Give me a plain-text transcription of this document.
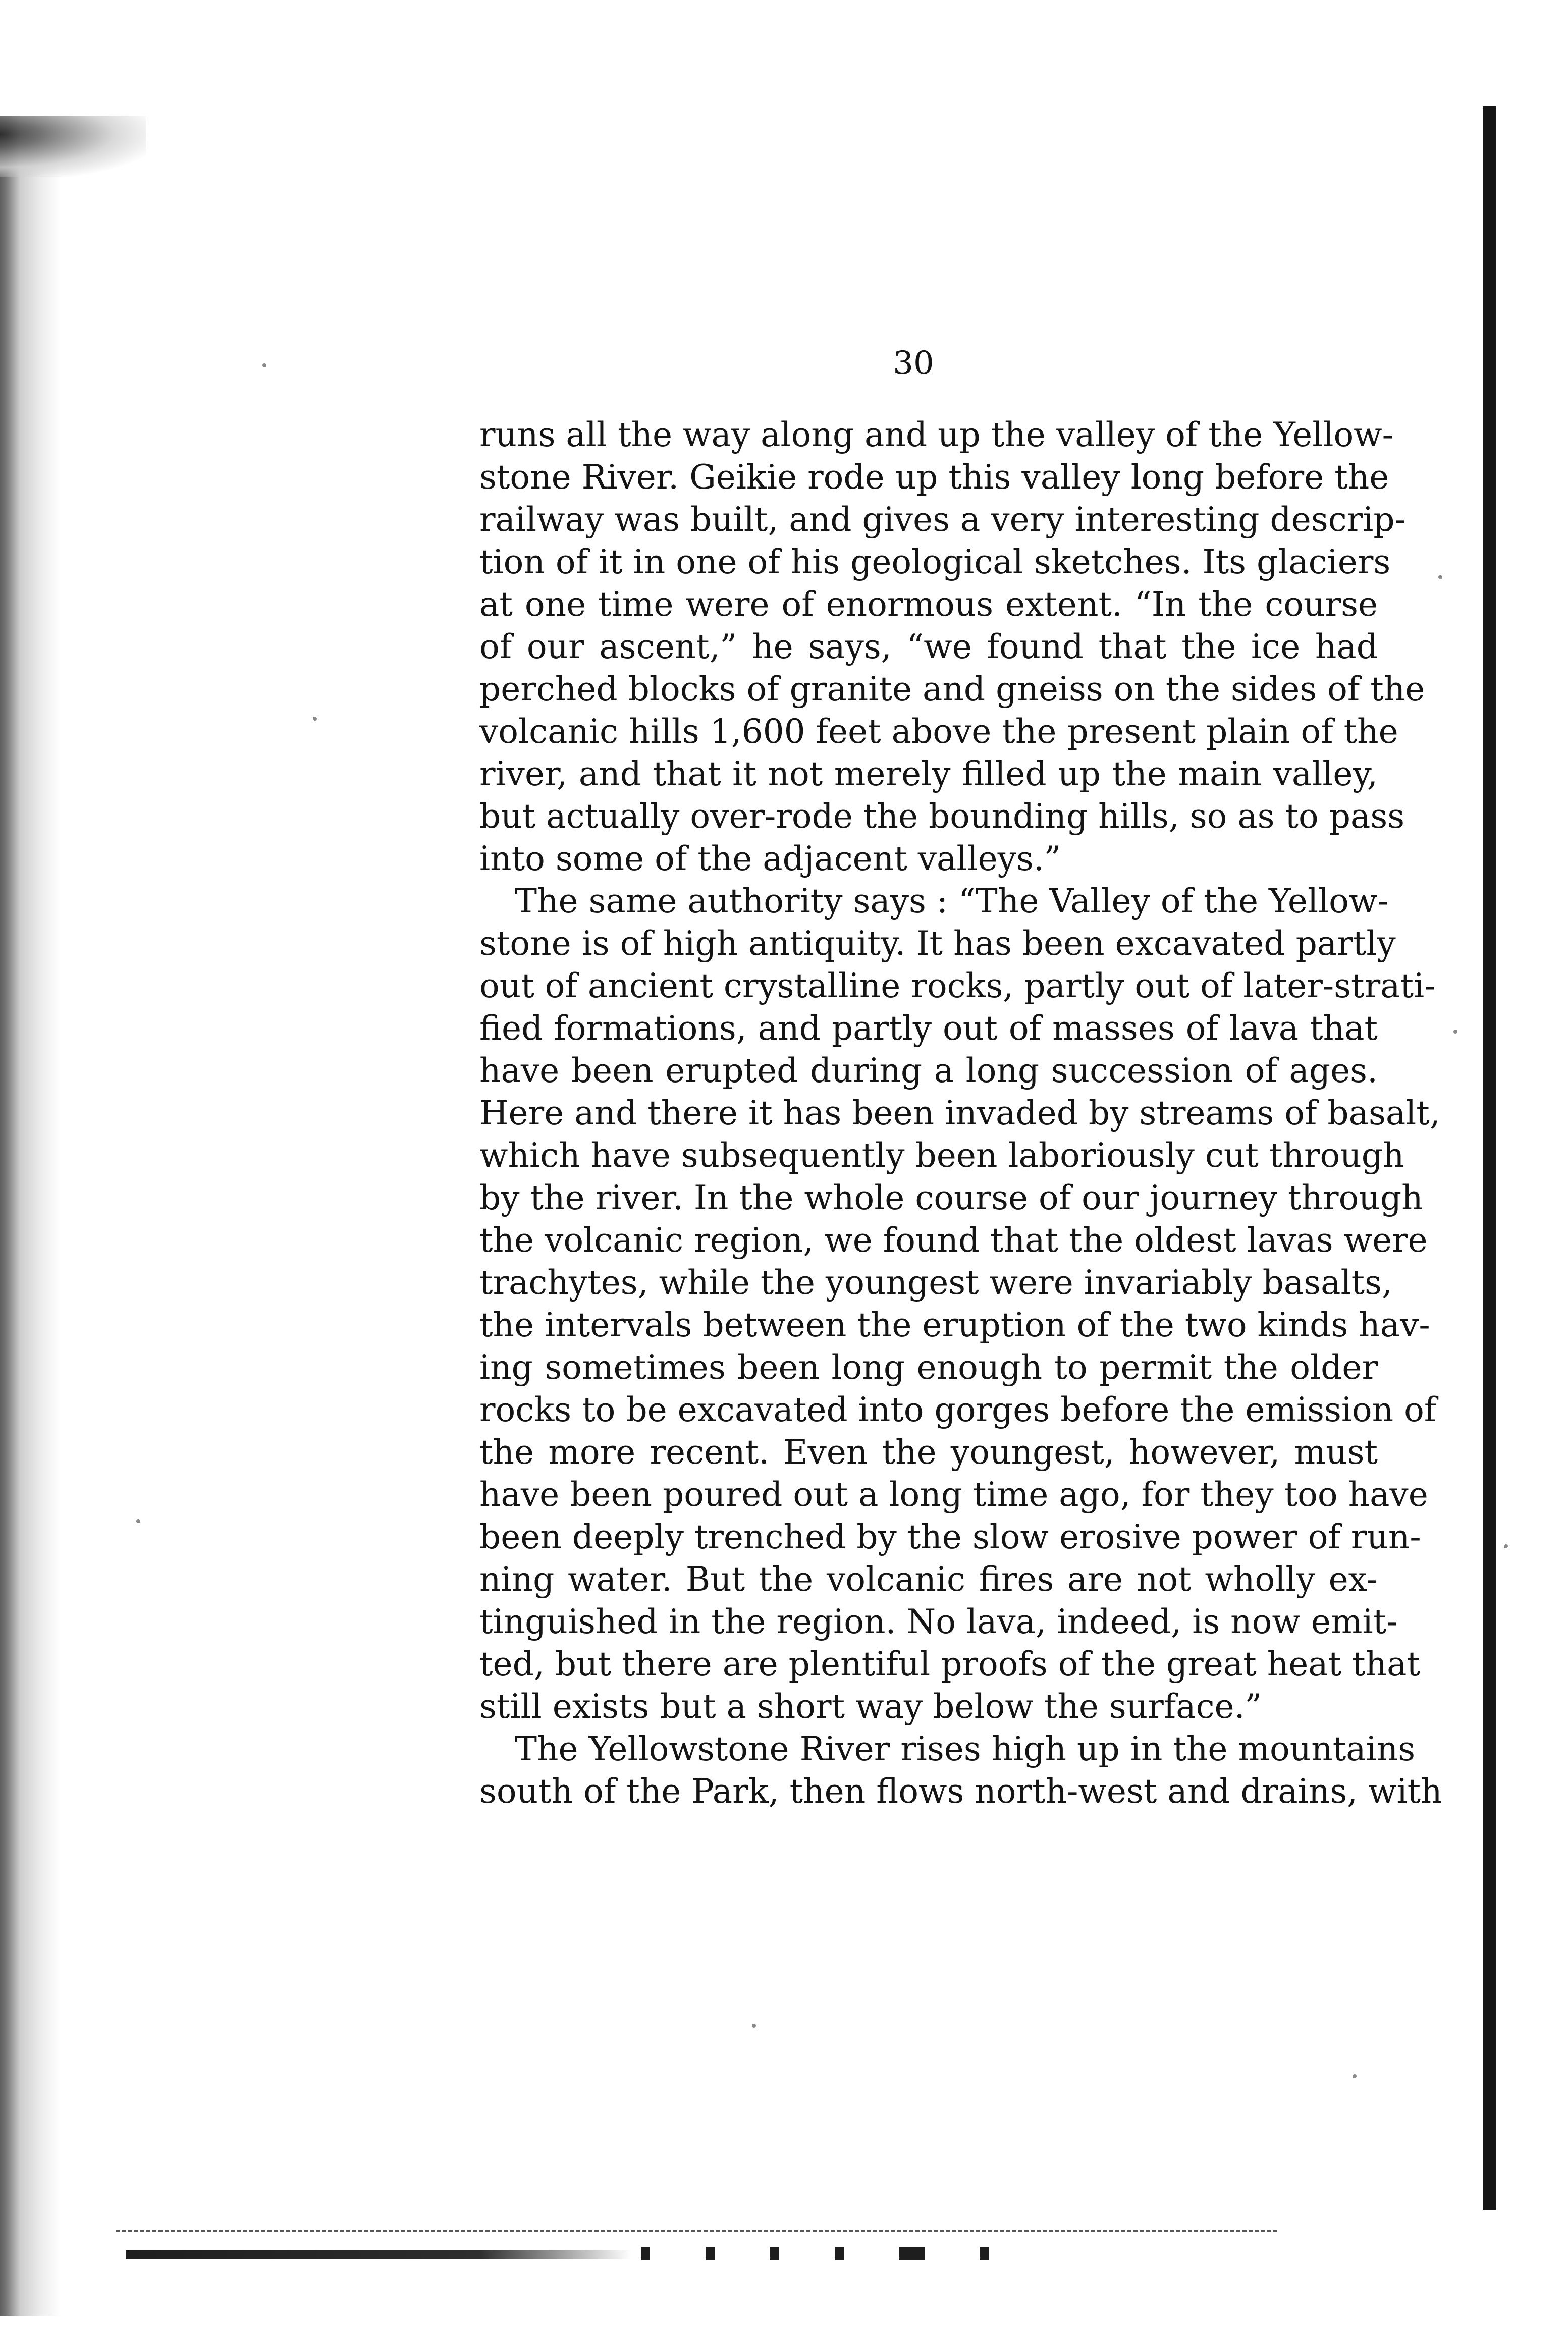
30
runs all the way along and up the valley of the Yellow-
stone River. Geikie rode up this valley long before the
railway was built, and gives a very interesting descrip-
tion of it in one of his geological sketches. Its glaciers
at one time were of enormous extent. “In the course
of our ascent,” he says, “we found that the ice had
perched blocks of granite and gneiss on the sides of the
volcanic hills 1,600 feet above the present plain of the
river, and that it not merely filled up the main valley,
but actually over-rode the bounding hills, so as to pass
into some of the adjacent valleys.”
The same authority says : “The Valley of the Yellow-
stone is of high antiquity. It has been excavated partly
out of ancient crystalline rocks, partly out of later-strati-
fied formations, and partly out of masses of lava that
have been erupted during a long succession of ages.
Here and there it has been invaded by streams of basalt,
which have subsequently been laboriously cut through
by the river. In the whole course of our journey through
the volcanic region, we found that the oldest lavas were
trachytes, while the youngest were invariably basalts,
the intervals between the eruption of the two kinds hav-
ing sometimes been long enough to permit the older
rocks to be excavated into gorges before the emission of
the more recent. Even the youngest, however, must
have been poured out a long time ago, for they too have
been deeply trenched by the slow erosive power of run-
ning water. But the volcanic fires are not wholly ex-
tinguished in the region. No lava, indeed, is now emit-
ted, but there are plentiful proofs of the great heat that
still exists but a short way below the surface.”
The Yellowstone River rises high up in the mountains
south of the Park, then flows north-west and drains, with
